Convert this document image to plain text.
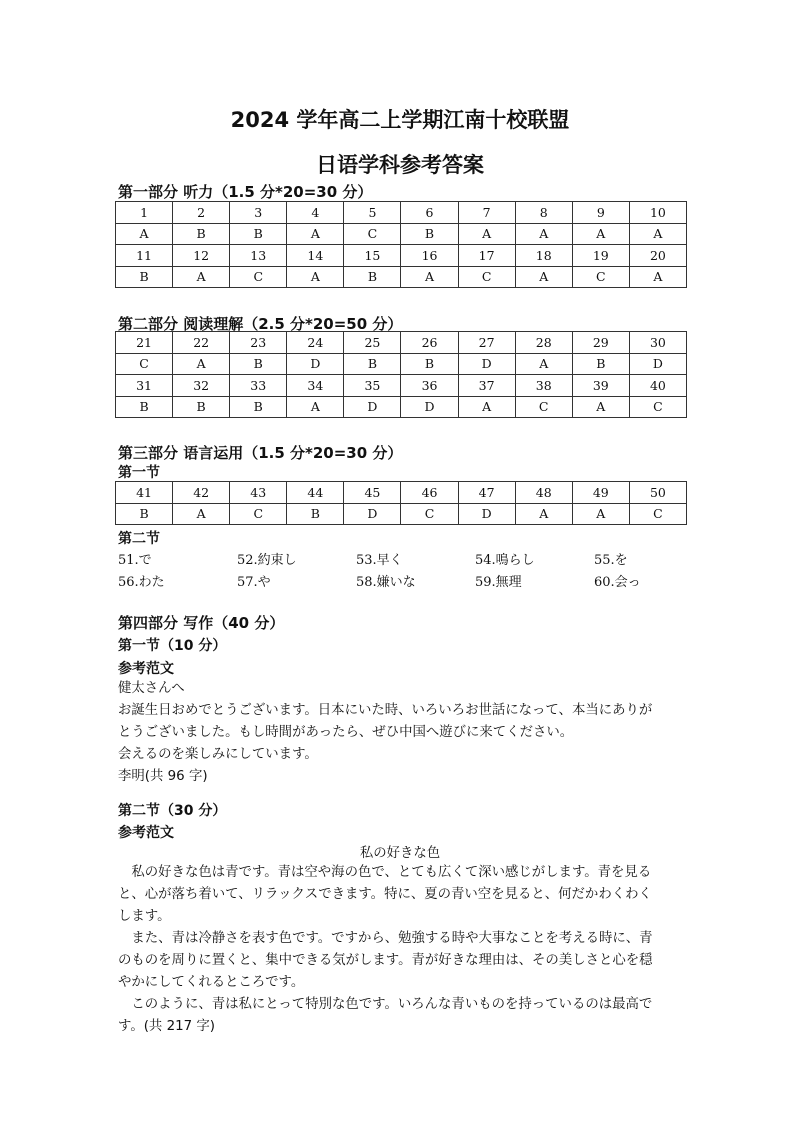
2024 学年高二上学期江南十校联盟
日语学科参考答案
第一部分 听力（1.5 分*20=30 分）
1	2	3	4	5	6	7	8	9	10
A	B	B	A	C	B	A	A	A	A
11	12	13	14	15	16	17	18	19	20
B	A	C	A	B	A	C	A	C	A
第二部分 阅读理解（2.5 分*20=50 分）
21	22	23	24	25	26	27	28	29	30
C	A	B	D	B	B	D	A	B	D
31	32	33	34	35	36	37	38	39	40
B	B	B	A	D	D	A	C	A	C
第三部分 语言运用（1.5 分*20=30 分）
第一节
41	42	43	44	45	46	47	48	49	50
B	A	C	B	D	C	D	A	A	C
第二节
51.で	52.約束し	53.早く	54.鳴らし	55.を
56.わた	57.や	58.嫌いな	59.無理	60.会っ
第四部分 写作（40 分）
第一节（10 分）
参考范文
健太さんへ
お誕生日おめでとうございます。日本にいた時、いろいろお世話になって、本当にありが
とうございました。もし時間があったら、ぜひ中国へ遊びに来てください。
会えるのを楽しみにしています。
李明(共 96 字)
第二节（30 分）
参考范文
私の好きな色
私の好きな色は青です。青は空や海の色で、とても広くて深い感じがします。青を見る
と、心が落ち着いて、リラックスできます。特に、夏の青い空を見ると、何だかわくわく
します。
また、青は冷静さを表す色です。ですから、勉強する時や大事なことを考える時に、青
のものを周りに置くと、集中できる気がします。青が好きな理由は、その美しさと心を穏
やかにしてくれるところです。
このように、青は私にとって特別な色です。いろんな青いものを持っているのは最高で
す。(共 217 字)
